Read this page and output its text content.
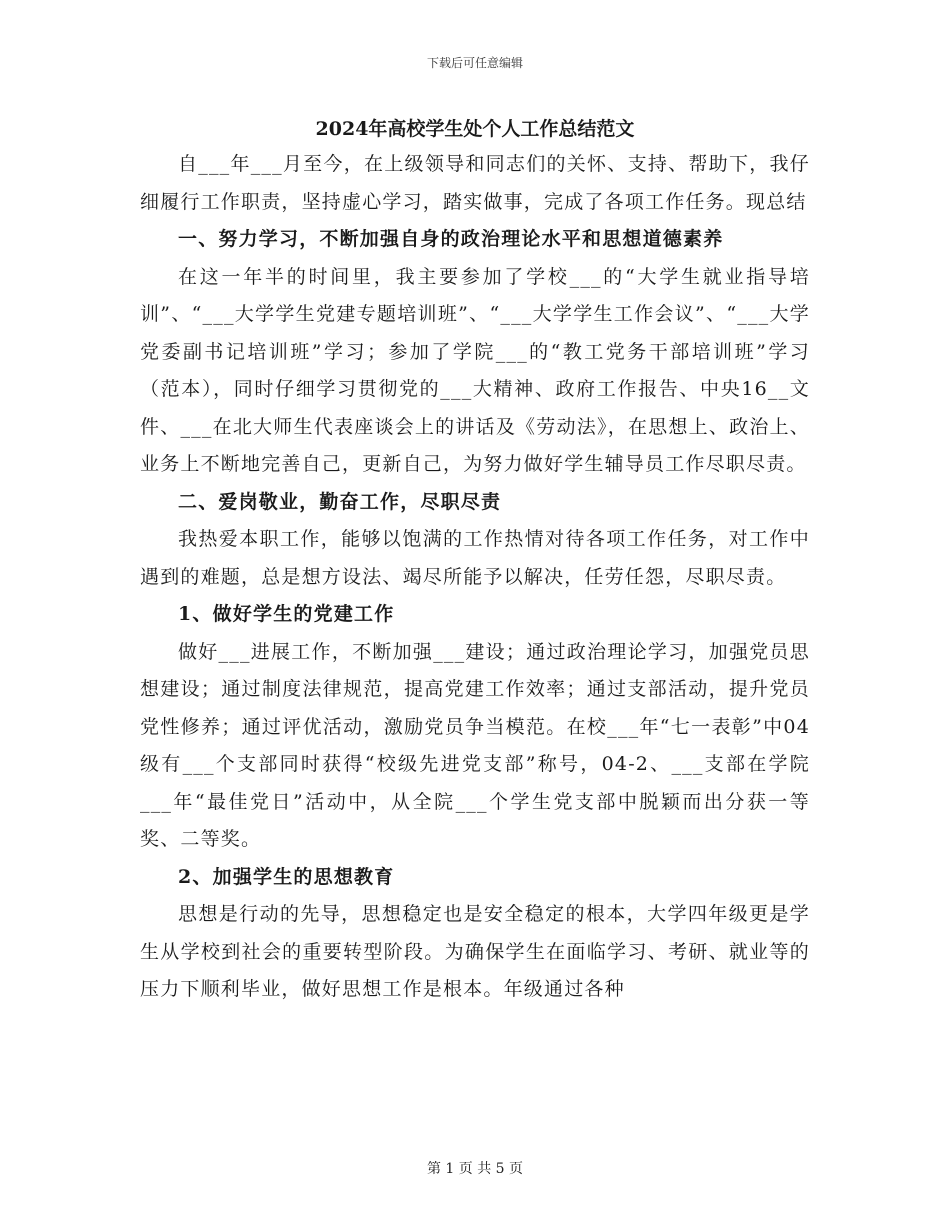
下载后可任意编辑
2024年高校学生处个人工作总结范文

自___年___月至今，在上级领导和同志们的关怀、支持、帮助下，我仔细履行工作职责，坚持虚心学习，踏实做事，完成了各项工作任务。现总结

一、努力学习，不断加强自身的政治理论水平和思想道德素养

在这一年半的时间里，我主要参加了学校___的“大学生就业指导培训”、“___大学学生党建专题培训班”、“___大学学生工作会议”、“___大学党委副书记培训班”学习；参加了学院___的“教工党务干部培训班”学习（范本），同时仔细学习贯彻党的___大精神、政府工作报告、中央16__文件、___在北大师生代表座谈会上的讲话及《劳动法》，在思想上、政治上、业务上不断地完善自己，更新自己，为努力做好学生辅导员工作尽职尽责。

二、爱岗敬业，勤奋工作，尽职尽责

我热爱本职工作，能够以饱满的工作热情对待各项工作任务，对工作中遇到的难题，总是想方设法、竭尽所能予以解决，任劳任怨，尽职尽责。

1、做好学生的党建工作

做好___进展工作，不断加强___建设；通过政治理论学习，加强党员思想建设；通过制度法律规范，提高党建工作效率；通过支部活动，提升党员党性修养；通过评优活动，激励党员争当模范。在校___年“七一表彰”中04级有___个支部同时获得“校级先进党支部”称号，04-2、___支部在学院___年“最佳党日”活动中，从全院___个学生党支部中脱颖而出分获一等奖、二等奖。

2、加强学生的思想教育

思想是行动的先导，思想稳定也是安全稳定的根本，大学四年级更是学生从学校到社会的重要转型阶段。为确保学生在面临学习、考研、就业等的压力下顺利毕业，做好思想工作是根本。年级通过各种

第 1 页 共 5 页
